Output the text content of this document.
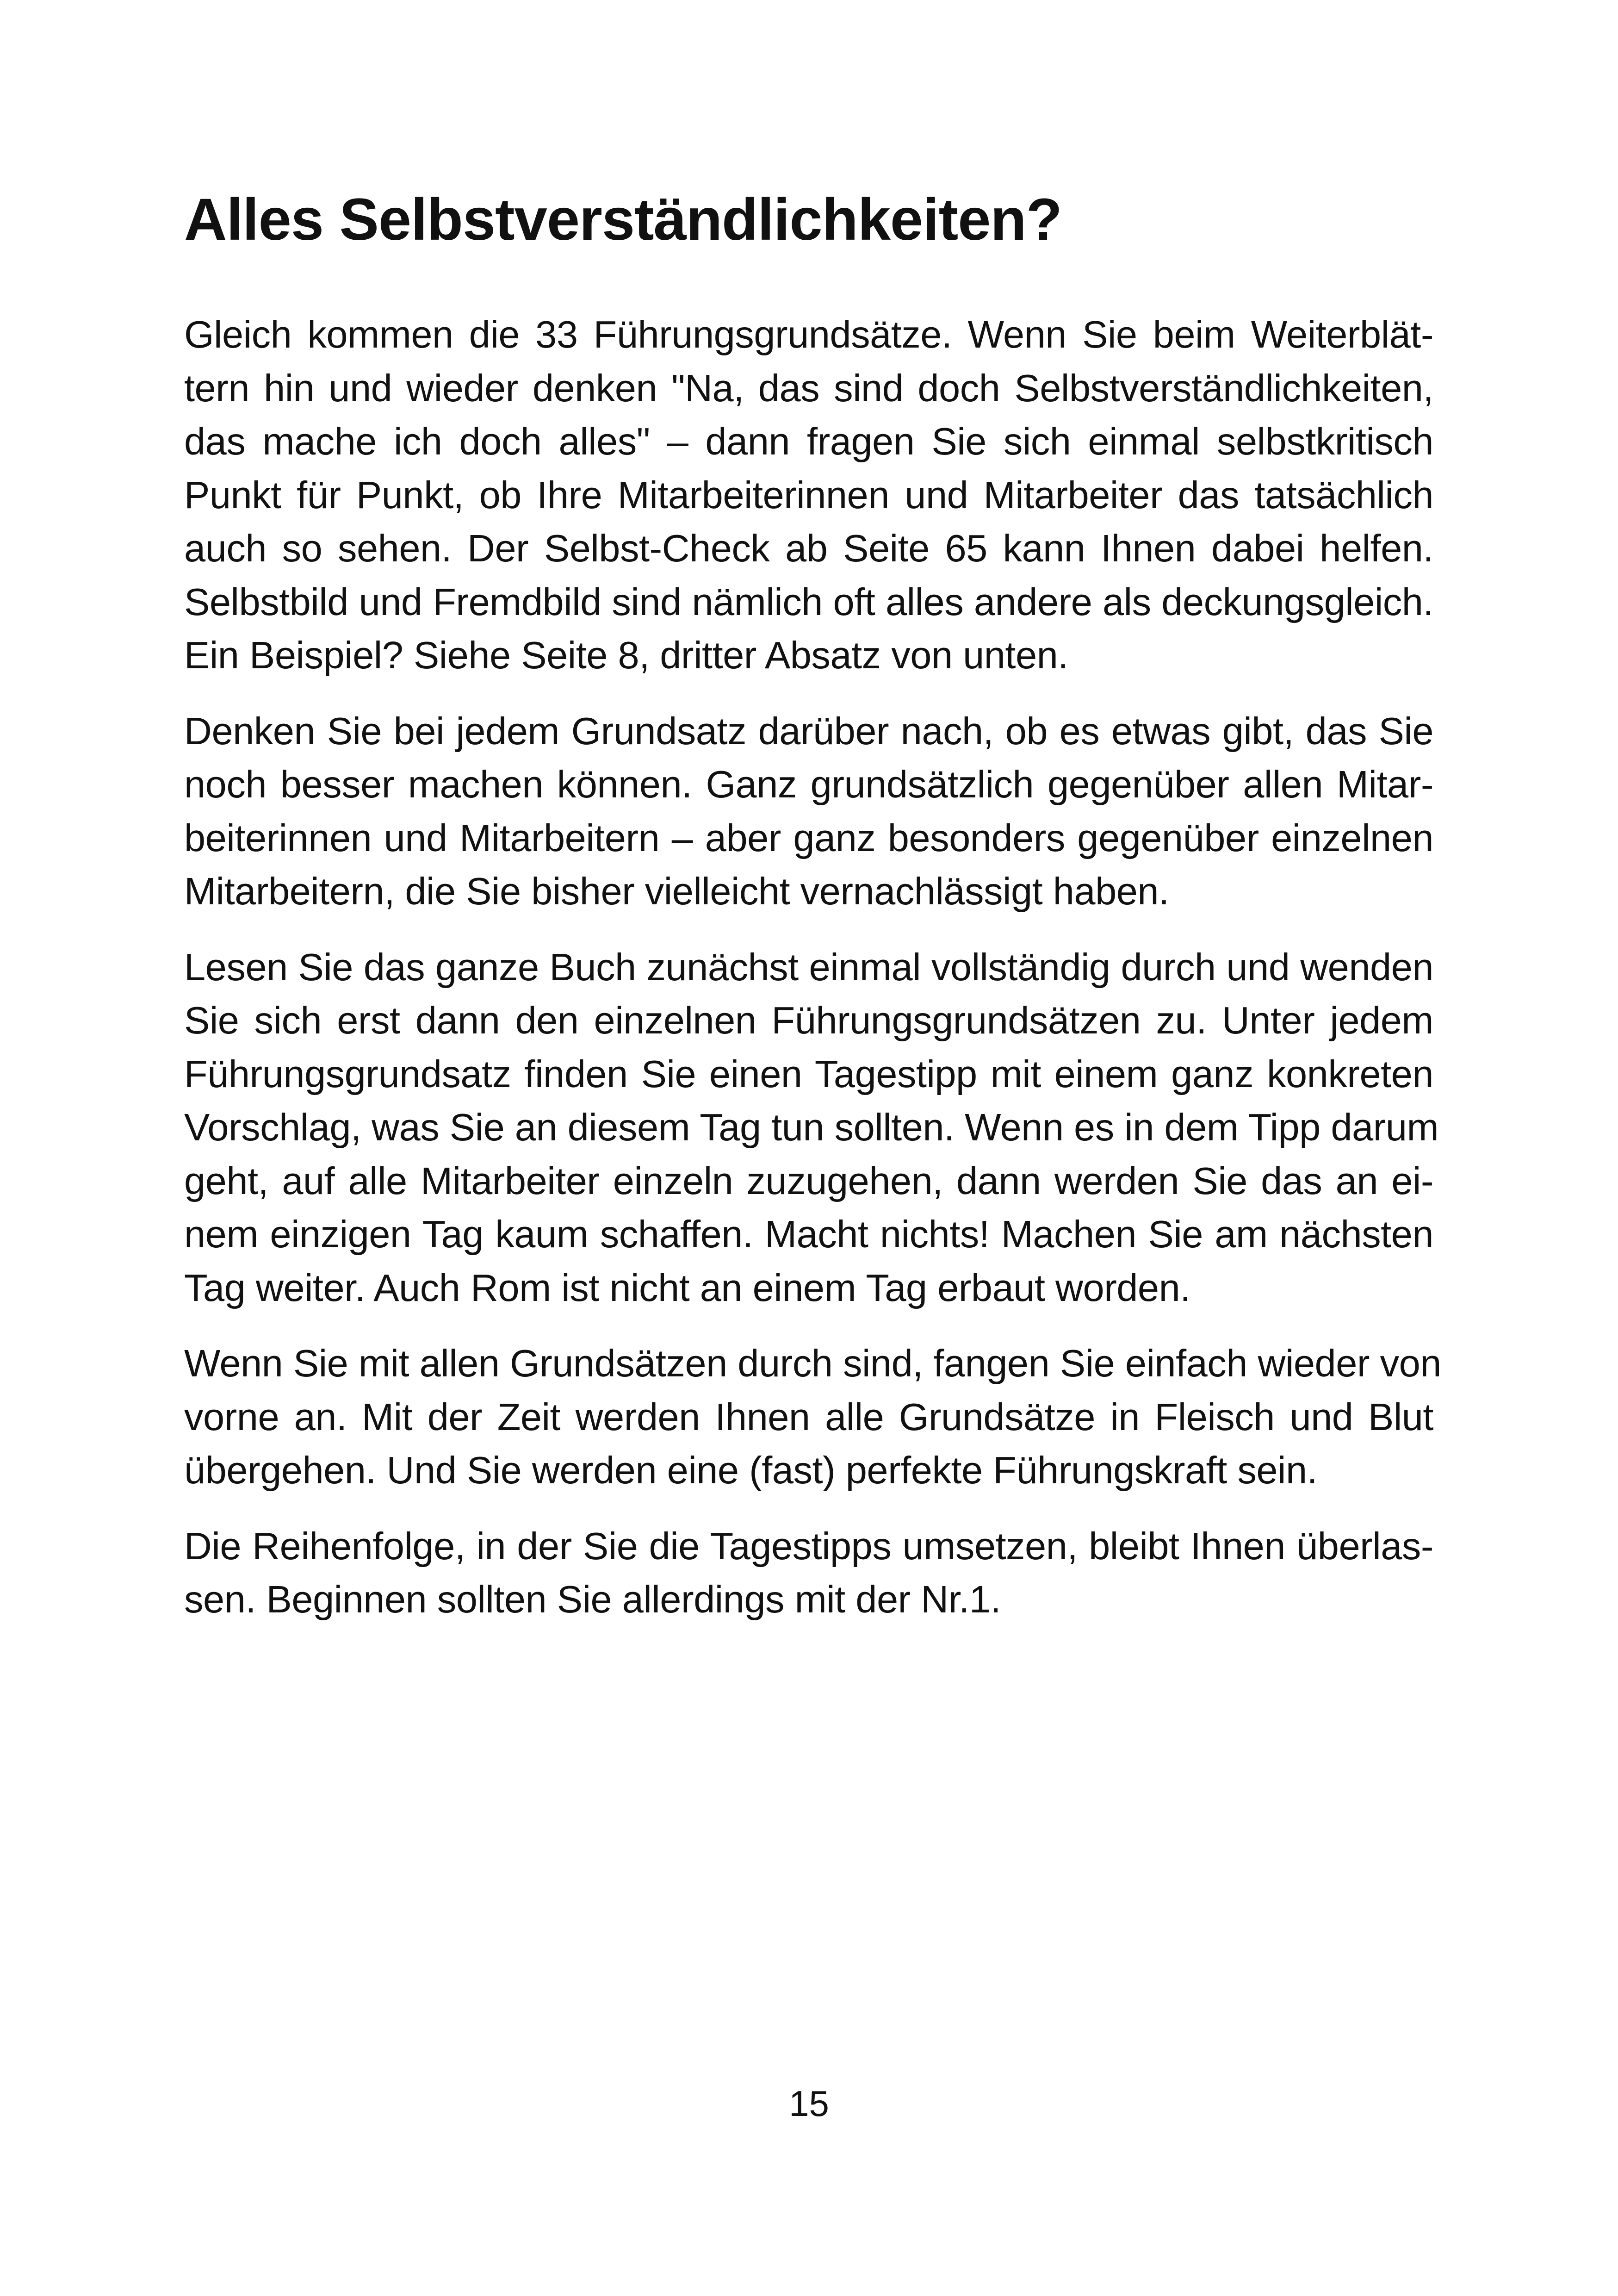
Alles Selbstverständlichkeiten?

Gleich kommen die 33 Führungsgrundsätze. Wenn Sie beim Weiterblät-
tern hin und wieder denken "Na, das sind doch Selbstverständlichkeiten,
das mache ich doch alles" – dann fragen Sie sich einmal selbstkritisch
Punkt für Punkt, ob Ihre Mitarbeiterinnen und Mitarbeiter das tatsächlich
auch so sehen. Der Selbst-Check ab Seite 65 kann Ihnen dabei helfen.
Selbstbild und Fremdbild sind nämlich oft alles andere als deckungsgleich.
Ein Beispiel? Siehe Seite 8, dritter Absatz von unten.

Denken Sie bei jedem Grundsatz darüber nach, ob es etwas gibt, das Sie
noch besser machen können. Ganz grundsätzlich gegenüber allen Mitar-
beiterinnen und Mitarbeitern – aber ganz besonders gegenüber einzelnen
Mitarbeitern, die Sie bisher vielleicht vernachlässigt haben.

Lesen Sie das ganze Buch zunächst einmal vollständig durch und wenden
Sie sich erst dann den einzelnen Führungsgrundsätzen zu. Unter jedem
Führungsgrundsatz finden Sie einen Tagestipp mit einem ganz konkreten
Vorschlag, was Sie an diesem Tag tun sollten. Wenn es in dem Tipp darum
geht, auf alle Mitarbeiter einzeln zuzugehen, dann werden Sie das an ei-
nem einzigen Tag kaum schaffen. Macht nichts! Machen Sie am nächsten
Tag weiter. Auch Rom ist nicht an einem Tag erbaut worden.

Wenn Sie mit allen Grundsätzen durch sind, fangen Sie einfach wieder von
vorne an. Mit der Zeit werden Ihnen alle Grundsätze in Fleisch und Blut
übergehen. Und Sie werden eine (fast) perfekte Führungskraft sein.

Die Reihenfolge, in der Sie die Tagestipps umsetzen, bleibt Ihnen überlas-
sen. Beginnen sollten Sie allerdings mit der Nr.1.

15
